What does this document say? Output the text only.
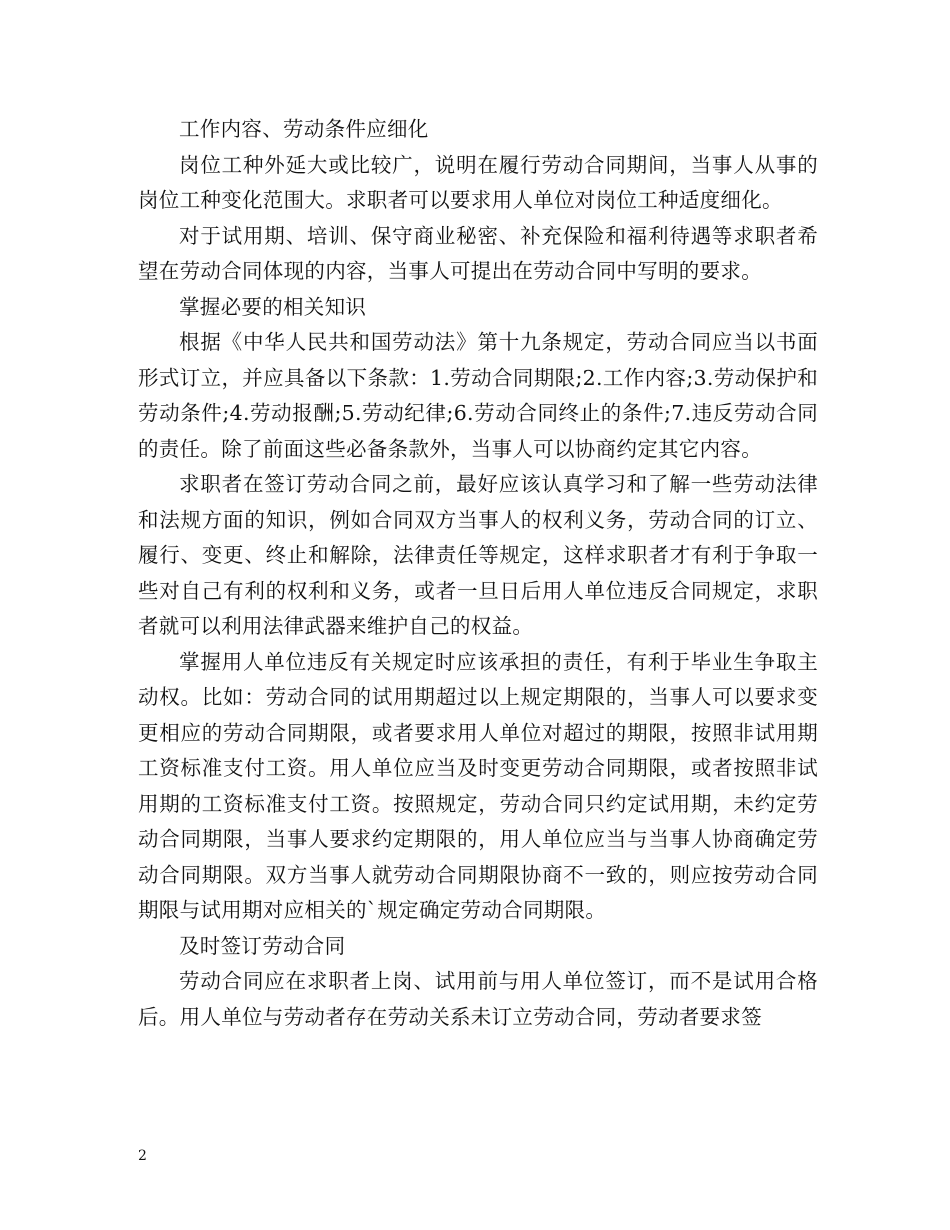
工作内容、劳动条件应细化

岗位工种外延大或比较广，说明在履行劳动合同期间，当事人从事的岗位工种变化范围大。求职者可以要求用人单位对岗位工种适度细化。

对于试用期、培训、保守商业秘密、补充保险和福利待遇等求职者希望在劳动合同体现的内容，当事人可提出在劳动合同中写明的要求。

掌握必要的相关知识

根据《中华人民共和国劳动法》第十九条规定，劳动合同应当以书面形式订立，并应具备以下条款：1.劳动合同期限;2.工作内容;3.劳动保护和劳动条件;4.劳动报酬;5.劳动纪律;6.劳动合同终止的条件;7.违反劳动合同的责任。除了前面这些必备条款外，当事人可以协商约定其它内容。

求职者在签订劳动合同之前，最好应该认真学习和了解一些劳动法律和法规方面的知识，例如合同双方当事人的权利义务，劳动合同的订立、履行、变更、终止和解除，法律责任等规定，这样求职者才有利于争取一些对自己有利的权利和义务，或者一旦日后用人单位违反合同规定，求职者就可以利用法律武器来维护自己的权益。

掌握用人单位违反有关规定时应该承担的责任，有利于毕业生争取主动权。比如：劳动合同的试用期超过以上规定期限的，当事人可以要求变更相应的劳动合同期限，或者要求用人单位对超过的期限，按照非试用期工资标准支付工资。用人单位应当及时变更劳动合同期限，或者按照非试用期的工资标准支付工资。按照规定，劳动合同只约定试用期，未约定劳动合同期限，当事人要求约定期限的，用人单位应当与当事人协商确定劳动合同期限。双方当事人就劳动合同期限协商不一致的，则应按劳动合同期限与试用期对应相关的`规定确定劳动合同期限。

及时签订劳动合同

劳动合同应在求职者上岗、试用前与用人单位签订，而不是试用合格后。用人单位与劳动者存在劳动关系未订立劳动合同，劳动者要求签

2
